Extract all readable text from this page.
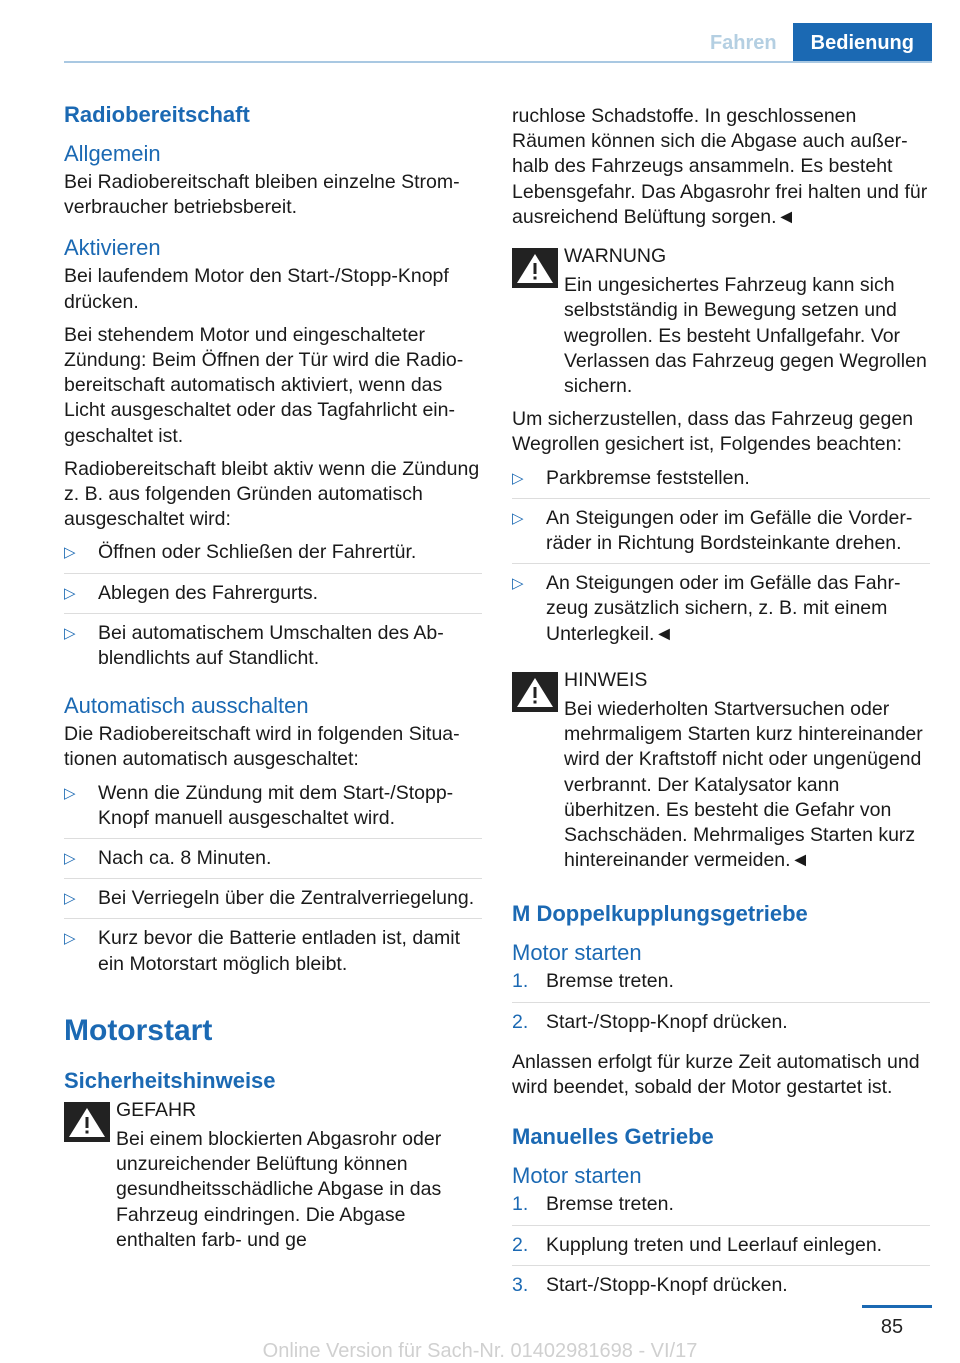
Fahren	Bedienung
Radiobereitschaft
Allgemein

Bei Radiobereitschaft bleiben einzelne Stromverbraucher betriebsbereit.

Aktivieren

Bei laufendem Motor den Start-/Stopp-Knopf drücken.

Bei stehendem Motor und eingeschalteter Zündung: Beim Öffnen der Tür wird die Radiobereitschaft automatisch aktiviert, wenn das Licht ausgeschaltet oder das Tagfahrlicht eingeschaltet ist.

Radiobereitschaft bleibt aktiv wenn die Zündung z. B. aus folgenden Gründen automatisch ausgeschaltet wird:

▷ Öffnen oder Schließen der Fahrertür.
▷ Ablegen des Fahrergurts.
▷ Bei automatischem Umschalten des Abblendlichts auf Standlicht.
Automatisch ausschalten

Die Radiobereitschaft wird in folgenden Situationen automatisch ausgeschaltet:

▷ Wenn die Zündung mit dem Start-/Stopp-Knopf manuell ausgeschaltet wird.
▷ Nach ca. 8 Minuten.
▷ Bei Verriegeln über die Zentralverriegelung.
▷ Kurz bevor die Batterie entladen ist, damit ein Motorstart möglich bleibt.
Motorstart
Sicherheitshinweise
GEFAHR
Bei einem blockierten Abgasrohr oder unzureichender Belüftung können gesundheitsschädliche Abgase in das Fahrzeug eindringen. Die Abgase enthalten farb- und ge

ruchlose Schadstoffe. In geschlossenen Räumen können sich die Abgase auch außerhalb des Fahrzeugs ansammeln. Es besteht Lebensgefahr. Das Abgasrohr frei halten und für ausreichend Belüftung sorgen.◄

WARNUNG
Ein ungesichertes Fahrzeug kann sich selbstständig in Bewegung setzen und wegrollen. Es besteht Unfallgefahr. Vor Verlassen das Fahrzeug gegen Wegrollen sichern.

Um sicherzustellen, dass das Fahrzeug gegen Wegrollen gesichert ist, Folgendes beachten:

▷ Parkbremse feststellen.
▷ An Steigungen oder im Gefälle die Vorderräder in Richtung Bordsteinkante drehen.
▷ An Steigungen oder im Gefälle das Fahrzeug zusätzlich sichern, z. B. mit einem Unterlegkeil.◄
HINWEIS
Bei wiederholten Startversuchen oder mehrmaligem Starten kurz hintereinander wird der Kraftstoff nicht oder ungenügend verbrannt. Der Katalysator kann überhitzen. Es besteht die Gefahr von Sachschäden. Mehrmaliges Starten kurz hintereinander vermeiden.◄
M Doppelkupplungsgetriebe
Motor starten
1. Bremse treten.
2. Start-/Stopp-Knopf drücken.

Anlassen erfolgt für kurze Zeit automatisch und wird beendet, sobald der Motor gestartet ist.

Manuelles Getriebe
Motor starten
1. Bremse treten.
2. Kupplung treten und Leerlauf einlegen.
3. Start-/Stopp-Knopf drücken.
85
Online Version für Sach-Nr. 01402981698 - VI/17
